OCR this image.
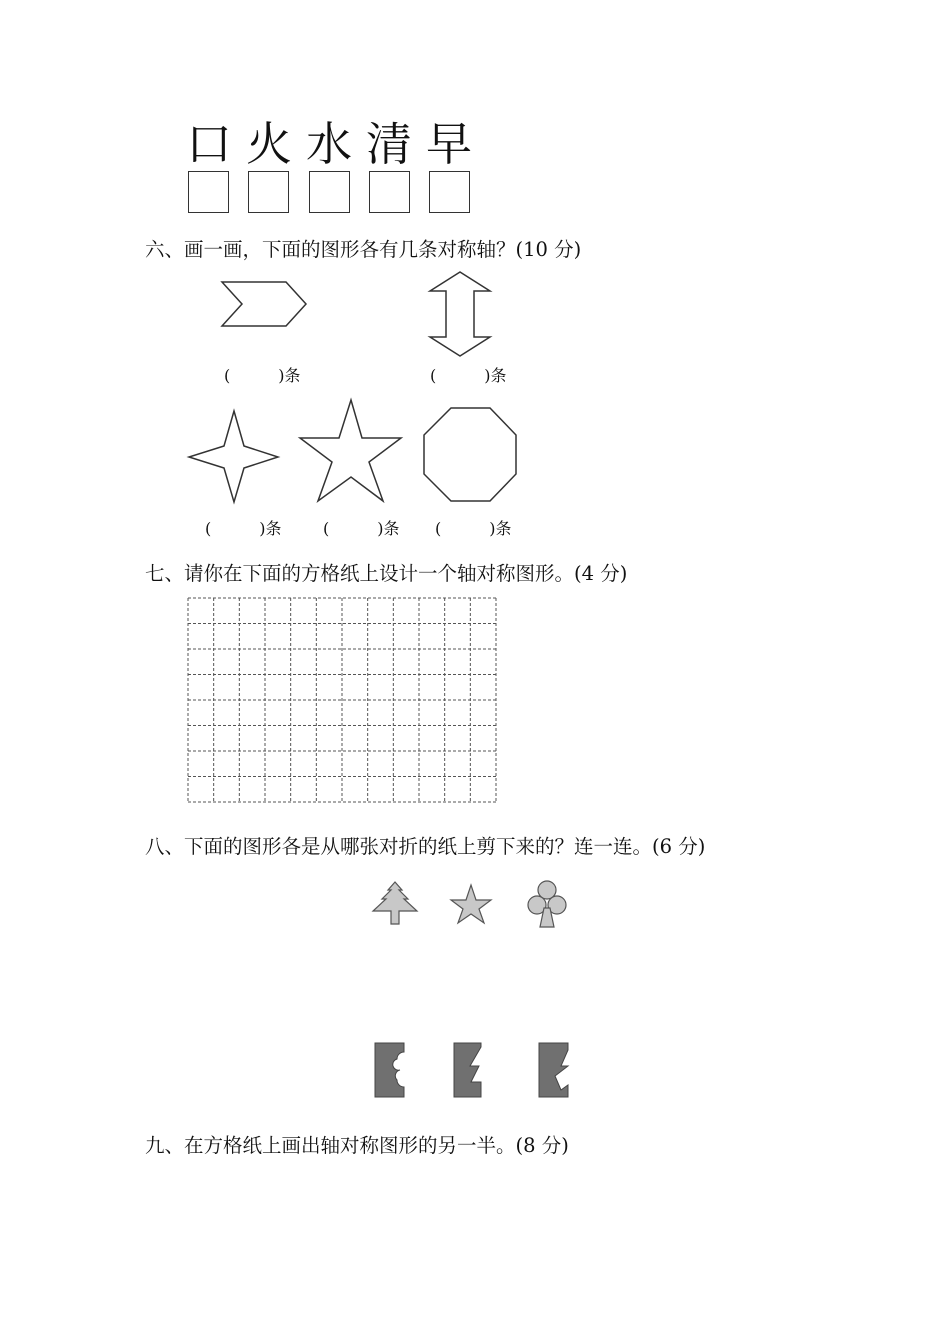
口 火 水 清 早
六、画一画，下面的图形各有几条对称轴？(10 分)
(　　　)条	(　　　)条
(　　　)条	(　　　)条 (　　　)条
七、请你在下面的方格纸上设计一个轴对称图形。(4 分)
八、下面的图形各是从哪张对折的纸上剪下来的？连一连。(6 分)
九、在方格纸上画出轴对称图形的另一半。(8 分)
